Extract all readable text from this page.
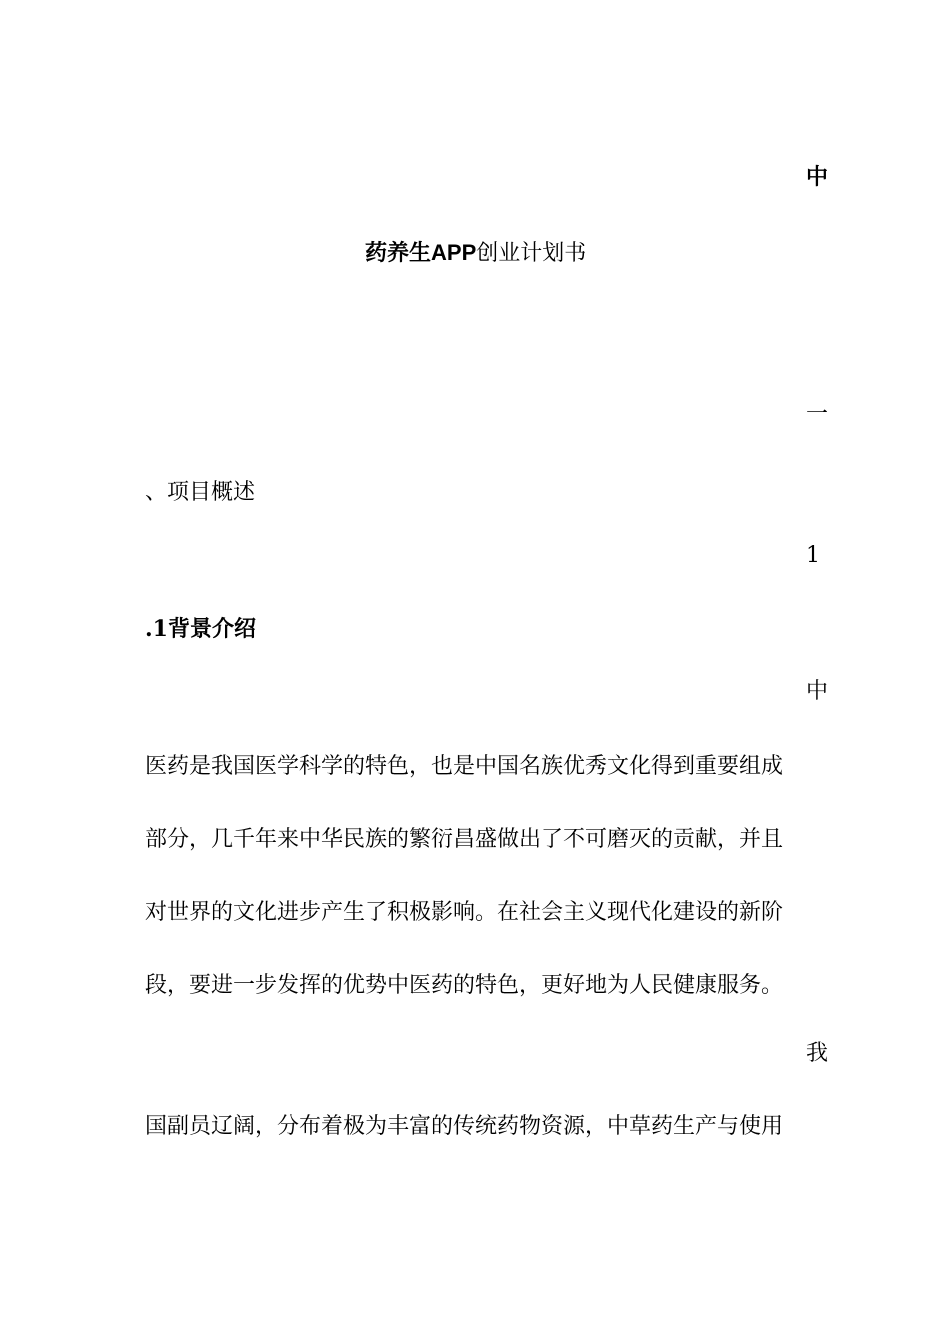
中
药养生APP创业计划书
一
、项目概述
1
.1背景介绍
中
医药是我国医学科学的特色，也是中国名族优秀文化得到重要组成
部分，几千年来中华民族的繁衍昌盛做出了不可磨灭的贡献，并且
对世界的文化进步产生了积极影响。在社会主义现代化建设的新阶
段，要进一步发挥的优势中医药的特色，更好地为人民健康服务。
我
国副员辽阔，分布着极为丰富的传统药物资源，中草药生产与使用
